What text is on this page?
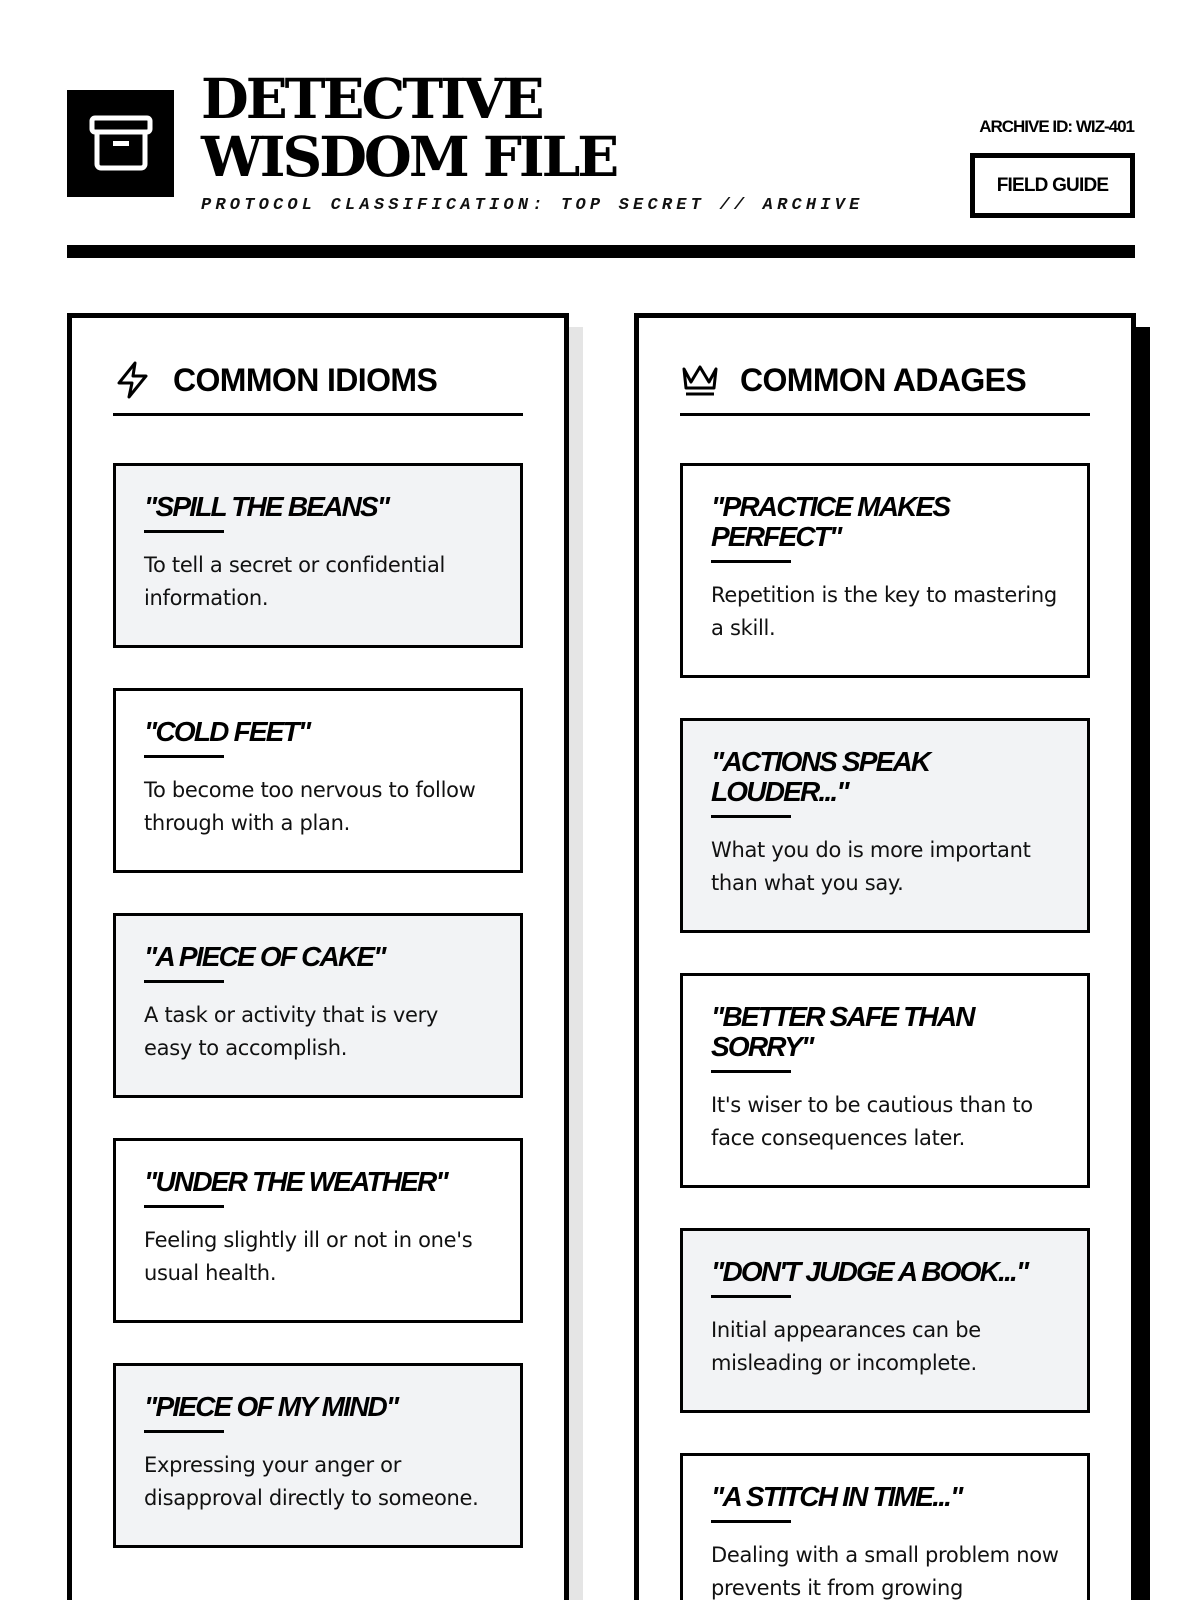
DETECTIVE
WISDOM FILE
PROTOCOL CLASSIFICATION: TOP SECRET // ARCHIVE
ARCHIVE ID: WIZ-401
FIELD GUIDE
COMMON IDIOMS
"SPILL THE BEANS"

To tell a secret or confidential information.

"COLD FEET"

To become too nervous to follow through with a plan.

"A PIECE OF CAKE"

A task or activity that is very easy to accomplish.

"UNDER THE WEATHER"

Feeling slightly ill or not in one's usual health.

"PIECE OF MY MIND"

Expressing your anger or disapproval directly to someone.

COMMON ADAGES
"PRACTICE MAKES PERFECT"

Repetition is the key to mastering a skill.

"ACTIONS SPEAK LOUDER..."

What you do is more important than what you say.

"BETTER SAFE THAN SORRY"

It's wiser to be cautious than to face consequences later.

"DON'T JUDGE A BOOK..."

Initial appearances can be misleading or incomplete.

"A STITCH IN TIME..."

Dealing with a small problem now prevents it from growing
